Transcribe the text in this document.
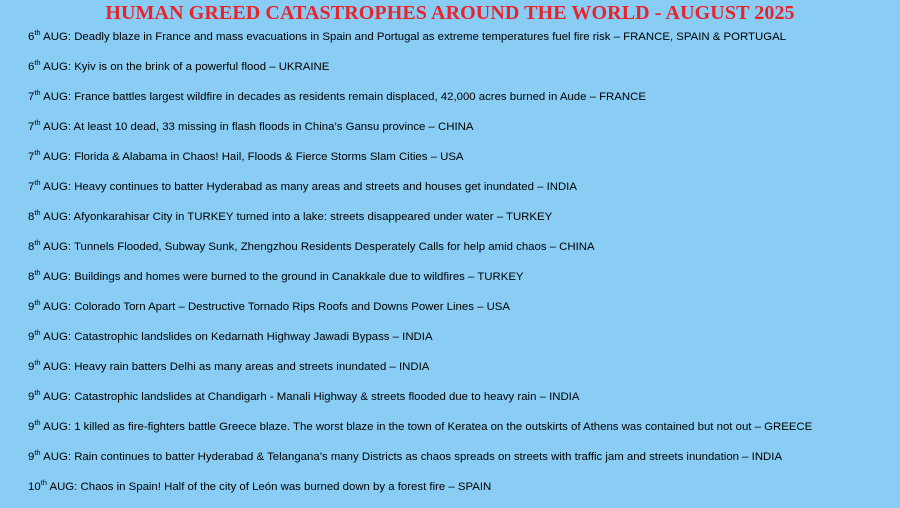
HUMAN GREED CATASTROPHES AROUND THE WORLD - AUGUST 2025
6th AUG: Deadly blaze in France and mass evacuations in Spain and Portugal as extreme temperatures fuel fire risk – FRANCE, SPAIN & PORTUGAL
6th AUG: Kyiv is on the brink of a powerful flood – UKRAINE
7th AUG: France battles largest wildfire in decades as residents remain displaced, 42,000 acres burned in Aude – FRANCE
7th AUG: At least 10 dead, 33 missing in flash floods in China’s Gansu province – CHINA
7th AUG: Florida & Alabama in Chaos! Hail, Floods & Fierce Storms Slam Cities – USA
7th AUG: Heavy continues to batter Hyderabad as many areas and streets and houses get inundated – INDIA
8th AUG: Afyonkarahisar City in TURKEY turned into a lake: streets disappeared under water – TURKEY
8th AUG: Tunnels Flooded, Subway Sunk, Zhengzhou Residents Desperately Calls for help amid chaos – CHINA
8th AUG: Buildings and homes were burned to the ground in Canakkale due to wildfires – TURKEY
9th AUG: Colorado Torn Apart – Destructive Tornado Rips Roofs and Downs Power Lines – USA
9th AUG: Catastrophic landslides on Kedarnath Highway Jawadi Bypass – INDIA
9th AUG: Heavy rain batters Delhi as many areas and streets inundated – INDIA
9th AUG: Catastrophic landslides at Chandigarh - Manali Highway & streets flooded due to heavy rain – INDIA
9th AUG: 1 killed as fire-fighters battle Greece blaze. The worst blaze in the town of Keratea on the outskirts of Athens was contained but not out – GREECE
9th AUG: Rain continues to batter Hyderabad & Telangana’s many Districts as chaos spreads on streets with traffic jam and streets inundation – INDIA
10th AUG: Chaos in Spain! Half of the city of León was burned down by a forest fire – SPAIN
